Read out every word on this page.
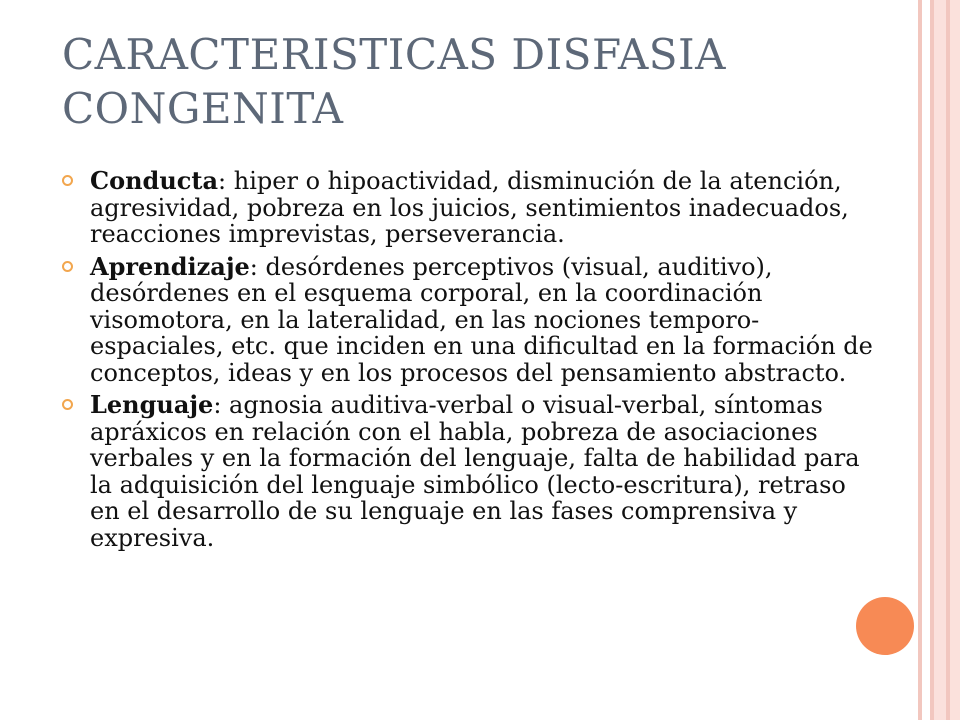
CARACTERISTICAS DISFASIA CONGENITA
Conducta: hiper o hipoactividad, disminución de la atención, agresividad, pobreza en los juicios, sentimientos inadecuados, reacciones imprevistas, perseverancia.
Aprendizaje: desórdenes perceptivos (visual, auditivo), desórdenes en el esquema corporal, en la coordinación visomotora, en la lateralidad, en las nociones temporo-espaciales, etc. que inciden en una dificultad en la formación de conceptos, ideas y en los procesos del pensamiento abstracto.
Lenguaje: agnosia auditiva-verbal o visual-verbal, síntomas apráxicos en relación con el habla, pobreza de asociaciones verbales y en la formación del lenguaje, falta de habilidad para la adquisición del lenguaje simbólico (lecto-escritura), retraso en el desarrollo de su lenguaje en las fases comprensiva y expresiva.
